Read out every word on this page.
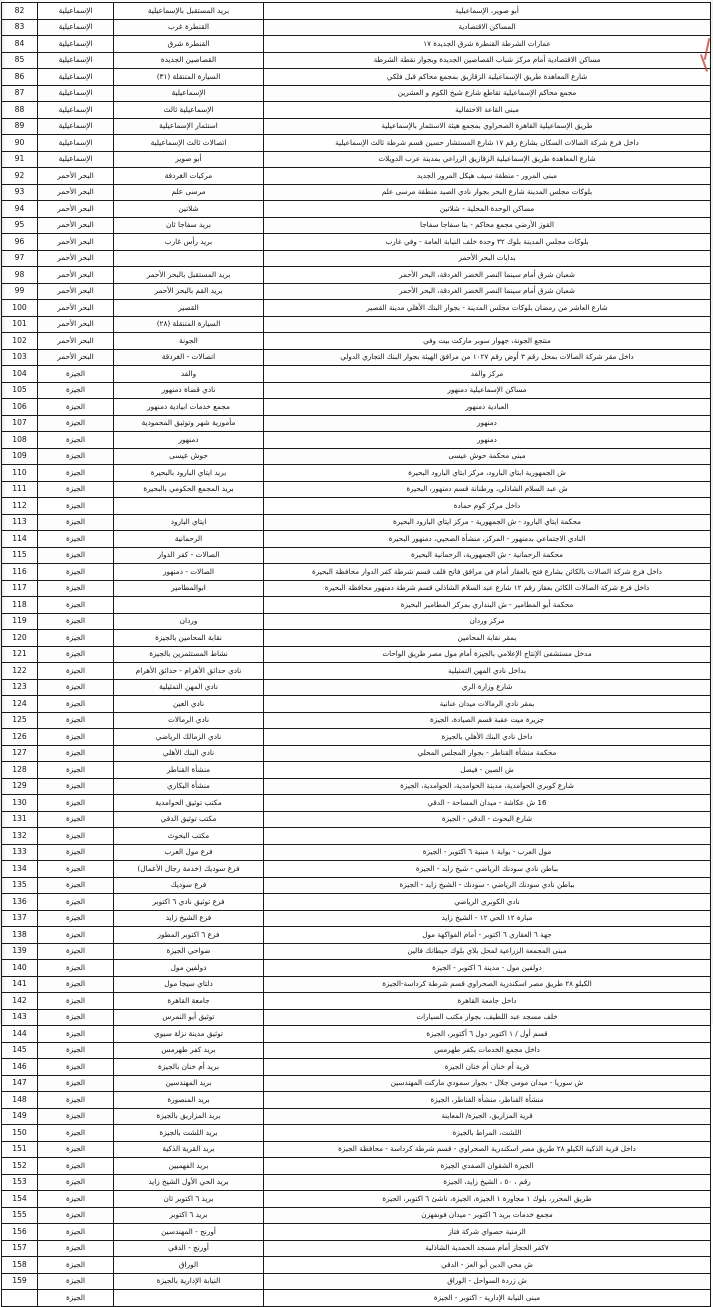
أبو صوير، الإسماعيلية	بريد المستقبل بالإسماعيلية	الإسماعيلية	82
المساكن الاقتصادية	القنطرة غرب	الإسماعيلية	83
عمارات الشرطة القنطرة شرق الجديدة ١٧	القنطرة شرق	الإسماعيلية	84
مساكن الاقتصادية أمام مركز شباب القصاصين الجديدة وبجوار نقطة الشرطة	القصاصين الجديدة	الإسماعيلية	85
شارع المعاهدة طريق الإسماعيلية الزقازيق بمجمع محاكم قبل فلكي	السيارة المتنقلة (٣١)	الإسماعيلية	86
مجمع محاكم الإسماعيلية تقاطع شارع شيخ الكوم و العشرين	الإسماعيلية	الإسماعيلية	87
مبنى القاعة الاحتفالية	الإسماعيلية ثالث	الإسماعيلية	88
طريق الإسماعيلية القاهرة الصحراوي بمجمع هيئة الاستثمار بالإسماعيلية	استثمار الإسماعيلية	الإسماعيلية	89
داخل فرع شركة الصالات السكان بشارع رقم ١٧ شارع المستشار حسين قسم شرطة ثالث الإسماعيلية	اتصالات ثالث الإسماعيلية	الإسماعيلية	90
شارع المعاهدة طريق الإسماعيلية الزقازيق الزراعي بمدينة عرب الدويلات	أبو صوير	الإسماعيلية	91
مبنى المرور - منطقة سيف هيكل المرور الجديد	مركبات الغردقة	البحر الأحمر	92
بلوكات مجلس المدينة شارع البحر بجوار نادي الصيد منطقة مرسى علم	مرسى علم	البحر الأحمر	93
مساكن الوحدة المحلية - شلاتين	شلاتين	البحر الأحمر	94
القوز الأرضي مجمع محاكم - بنا سفاجا سفاجا	بريد سفاجا ثان	البحر الأحمر	95
بلوكات مجلس المدينة بلوك ٣٢ وحدة خلف النيابة العامة - وفي غارب	بريد رأس غارب	البحر الأحمر	96
بدايات البحر الأحمر		البحر الأحمر	97
شعبان شرق أمام سينما النصر الخضر الغردقة، البحر الأحمر	بريد المستقبل بالبحر الأحمر	البحر الأحمر	98
شعبان شرق أمام سينما النصر الخضر الغردقة، البحر الأحمر	بريد القم بالبحر الأحمر	البحر الأحمر	99
شارع العاشر من رمضان بلوكات مجلس المدينة - بجوار البنك الأهلي مدينة القصير	القصير	البحر الأحمر	100
	السيارة المتنقلة (٢٨)	البحر الأحمر	101
منتجع الجونة، جهوار سوبر ماركت بيت وفي	الجونة	البحر الأحمر	102
داخل مقر شركة الصالات بمحل رقم ٣ أوض رقم ١٠٢٧ من مرافق الهيئة بجوار البنك التجاري الدولي	اتصالات - الغردقة	البحر الأحمر	103
مركز والفد	والفد	الجيزة	104
مساكن الإسماعيلية دمنهور	نادي قضاة دمنهور	الجيزة	105
العبادية دمنهور	مجمع خدمات ابيادية دمنهور	الجيزة	106
دمنهور	مأمورية شهر وتوثيق المحمودية	الجيزة	107
دمنهور	دمنهور	الجيزة	108
مبنى محكمة حوش عيسى	حوش عيسى	الجيزة	109
ش الجمهورية ابتاي البارود، مركز ابتاي البارود البحيرة	بريد ايتاي البارود بالبحيرة	الجيزة	110
ش عبد السلام الشاذلي، ورطنانة قسم دمنهور، البحيرة	بريد المجمع الحكومي بالبحيرة	الجيزة	111
داخل مركز كوم حمادة		الجيزة	112
محكمة ايتاي البارود - ش الجمهورية - مركز ايتاي البارود البحيرة	ايتاي البارود	الجيزة	113
النادي الاجتماعي بدمنهور - المركز، منشأة الصحيي، دمنهور البحيرة	الرحمانية	الجيزة	114
محكمة الرحمانية - ش الجمهورية، الرحمانية البحيرة	الصالات - كفر الدوار	الجيزة	115
داخل فرع شركة الصالات بالكائن بشارع فتح بالعقار أمام في مرافق فاتح قلف قسم شرطة كفر الدوار محافظة البحيرة	الصالات - دمنهور	الجيزة	116
داخل فرع شركة الصالات الكائن بعقار رقم ١٢ شارع عبد السلام الشاذلي قسم شرطة دمنهور محافظة البحيرة	ابوالمطامير	الجيزة	117
محكمة أبو المطامير - ش البنداري بمركز المطامير البحيرة		الجيزة	118
مركز وردان	وردان	الجيزة	119
بمقر نقابة المحامين	نقابة المحامين بالجيزة	الجيزة	120
مدخل مستشفى الإنتاج الإعلامي بالجيزة أمام مول مصر طريق الواحات	نشاط المستثمرين بالجيزة	الجيزة	121
بداخل نادي المهن التمثيلية	نادي حدائق الأهرام - حدائق الأهرام	الجيزة	122
شارع وزارة الري	نادي المهن التمثيلية	الجيزة	123
بمقر نادي الرمالات ميدان عنانية	نادي العين	الجيزة	124
جزيرة ميت عقبة قسم الصيادة، الجيزة	نادي الرمالات	الجيزة	125
داخل نادي البنك الأهلي بالجيزة	نادي الزمالك الرياضي	الجيزة	126
محكمة منشأة القناطر - بجوار المجلس المحلي	نادي البنك الأهلي	الجيزة	127
ش الصين - فيصل	منشأة القناطر	الجيزة	128
شارع كوبري الحوامدية، مدينة الحوامدية، الحوامدية، الجيزة	منشأة البكاري	الجيزة	129
16 ش عكاشة - ميدان المساحة - الدقي	مكتب توثيق الحوامدية	الجيزة	130
شارع البحوث - الدقي - الجيزة	مكتب توثيق الدقي	الجيزة	131
	مكتب البحوث	الجيزة	132
مول العرب - بوابة ١ مبنية ٦ اكتوبر - الجيزة	فرع مول العرب	الجيزة	133
بباطن نادي سودنك الرياضي - شيخ زايد - الجيزة	فرع سوديك (خدمة رجال الأعمال)	الجيزة	134
بباطن نادي سودنك الرياضي - سودنك - الشيخ زايد - الجيزة	فرع سوديك	الجيزة	135
نادي الكوبري الرياضي	فرع توثيق نادي ٦ اكتوبر	الجيزة	136
مبارة ١٢ الحي ١٢ - الشيخ زايد	فرع الشيخ زايد	الجيزة	137
جهة ٦ العقاري ٦ اكتوبر - أمام الفواكهة مول	فرع ٦ اكتوبر المطور	الجيزة	138
مبنى المجمعة الزراعية لمحل بلاي بلوك حيطانك فالين	ضواحي الجيزة	الجيزة	139
دولفين مول - مدينة ٦ اكتوبر - الجيزة	دولفين مول	الجيزة	140
الكيلو ٢٨ طريق مصر اسكندرية الصحراوي قسم شرطة كرداسة-الجيزة	دلتاي سيجا مول	الجيزة	141
داخل جامعة القاهرة	جامعة القاهرة	الجيزة	142
خلف مسجد عبد اللطيف، بجوار مكتب السيارات	توثيق أبو النمرس	الجيزة	143
قسم أول / ١ اكتوبر دول ٦ أكتوبر، الجيزة	توثيق مدينة نزلة سيوي	الجيزة	144
داخل مجمع الخدمات بكفر طهرمس	بريد كفر طهرمس	الجيزة	145
قرية أم خنان أم خنان الجيزة	بريد أم خنان بالجيزة	الجيزة	146
ش سوريا - ميدان مومي جلال - بجوار سمودي ماركت المهندسين	بريد المهندسين	الجيزة	147
منشأة القناطر، منشأة القناطر، الجيزة	بريد المنصورة	الجيزة	148
قرية المزاريق، الجيزة/ المعاينة	بريد المزاريق بالجيزة	الجيزة	149
اللشت، المراط بالجيزة	بريد اللشت بالجيزة	الجيزة	150
داخل قرية الذكية الكيلو ٢٨ طريق مصر اسكندرية الصحراوي - قسم شرطة كرداسة - محافظة الجيزة	بريد القرية الذكية	الجيزة	151
الجيزة الشقوان الصفدي الجيزة	بريد الفهميين	الجيزة	152
رقم ، ٥٠ ، الشيخ زايد، الجيزة	بريد الحي الأول الشيخ زايد	الجيزة	153
طريق المحرر، بلوك ١ مجاورة ١ الجيزة، الجيزة، ناشئ ٦ اكتوبر، الجيزة	بريد ٦ اكتوبر ثان	الجيزة	154
مجمع خدمات بريد ٦ اكتوبر - ميدان فونفهزن	بريد ٦ اكتوبر	الجيزة	155
الزمنية حصواي شركة فتاز	أورنج - المهندسين	الجيزة	156
٧كفر الحجاز أمام مسجد الحمدية الشاذلية	أورنج - الدقي	الجيزة	157
ش محي الدين أبو العز - الدقي	الوراق	الجيزة	158
ش زردة السواحل - الوراق	النيابة الإدارية بالجيزة	الجيزة	159
مبنى النيابة الإدارية - اكتوبر - الجيزة		الجيزة	
